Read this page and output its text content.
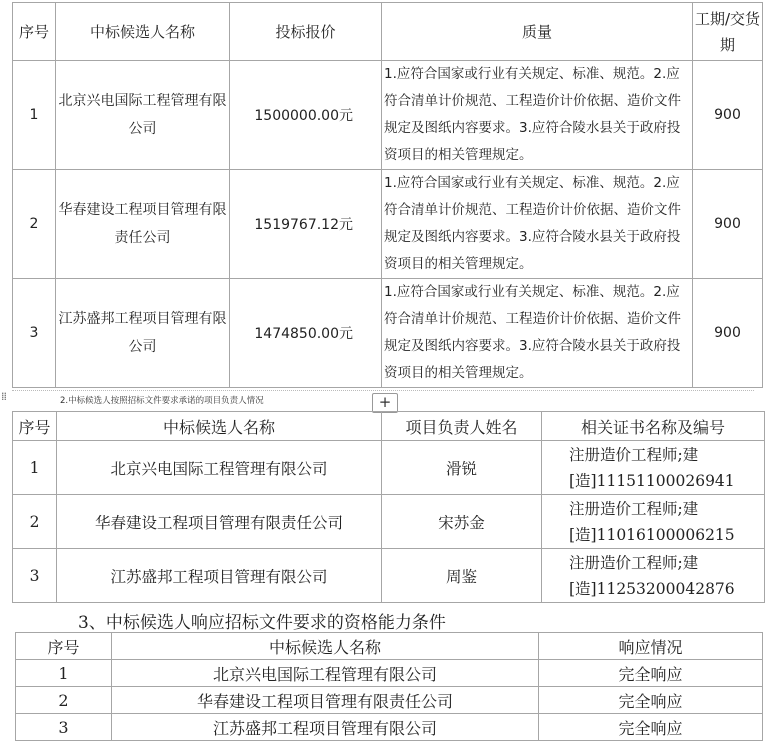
序号	中标候选人名称	投标报价	质量	工期/交货期
1	北京兴电国际工程管理有限公司	1500000.00元	1.应符合国家或行业有关规定、标准、规范。2.应符合清单计价规范、工程造价计价依据、造价文件规定及图纸内容要求。3.应符合陵水县关于政府投资项目的相关管理规定。	900
2	华春建设工程项目管理有限责任公司	1519767.12元	1.应符合国家或行业有关规定、标准、规范。2.应符合清单计价规范、工程造价计价依据、造价文件规定及图纸内容要求。3.应符合陵水县关于政府投资项目的相关管理规定。	900
3	江苏盛邦工程项目管理有限公司	1474850.00元	1.应符合国家或行业有关规定、标准、规范。2.应符合清单计价规范、工程造价计价依据、造价文件规定及图纸内容要求。3.应符合陵水县关于政府投资项目的相关管理规定。	900
⁞⁞	2.中标候选人按照招标文件要求承诺的项目负责人情况	+
序号	中标候选人名称	项目负责人姓名	相关证书名称及编号
1	北京兴电国际工程管理有限公司	滑锐	注册造价工程师;建[造]11151100026941
2	华春建设工程项目管理有限责任公司	宋苏金	注册造价工程师;建[造]11016100006215
3	江苏盛邦工程项目管理有限公司	周鉴	注册造价工程师;建[造]11253200042876
3、中标候选人响应招标文件要求的资格能力条件
序号	中标候选人名称	响应情况
1	北京兴电国际工程管理有限公司	完全响应
2	华春建设工程项目管理有限责任公司	完全响应
3	江苏盛邦工程项目管理有限公司	完全响应
